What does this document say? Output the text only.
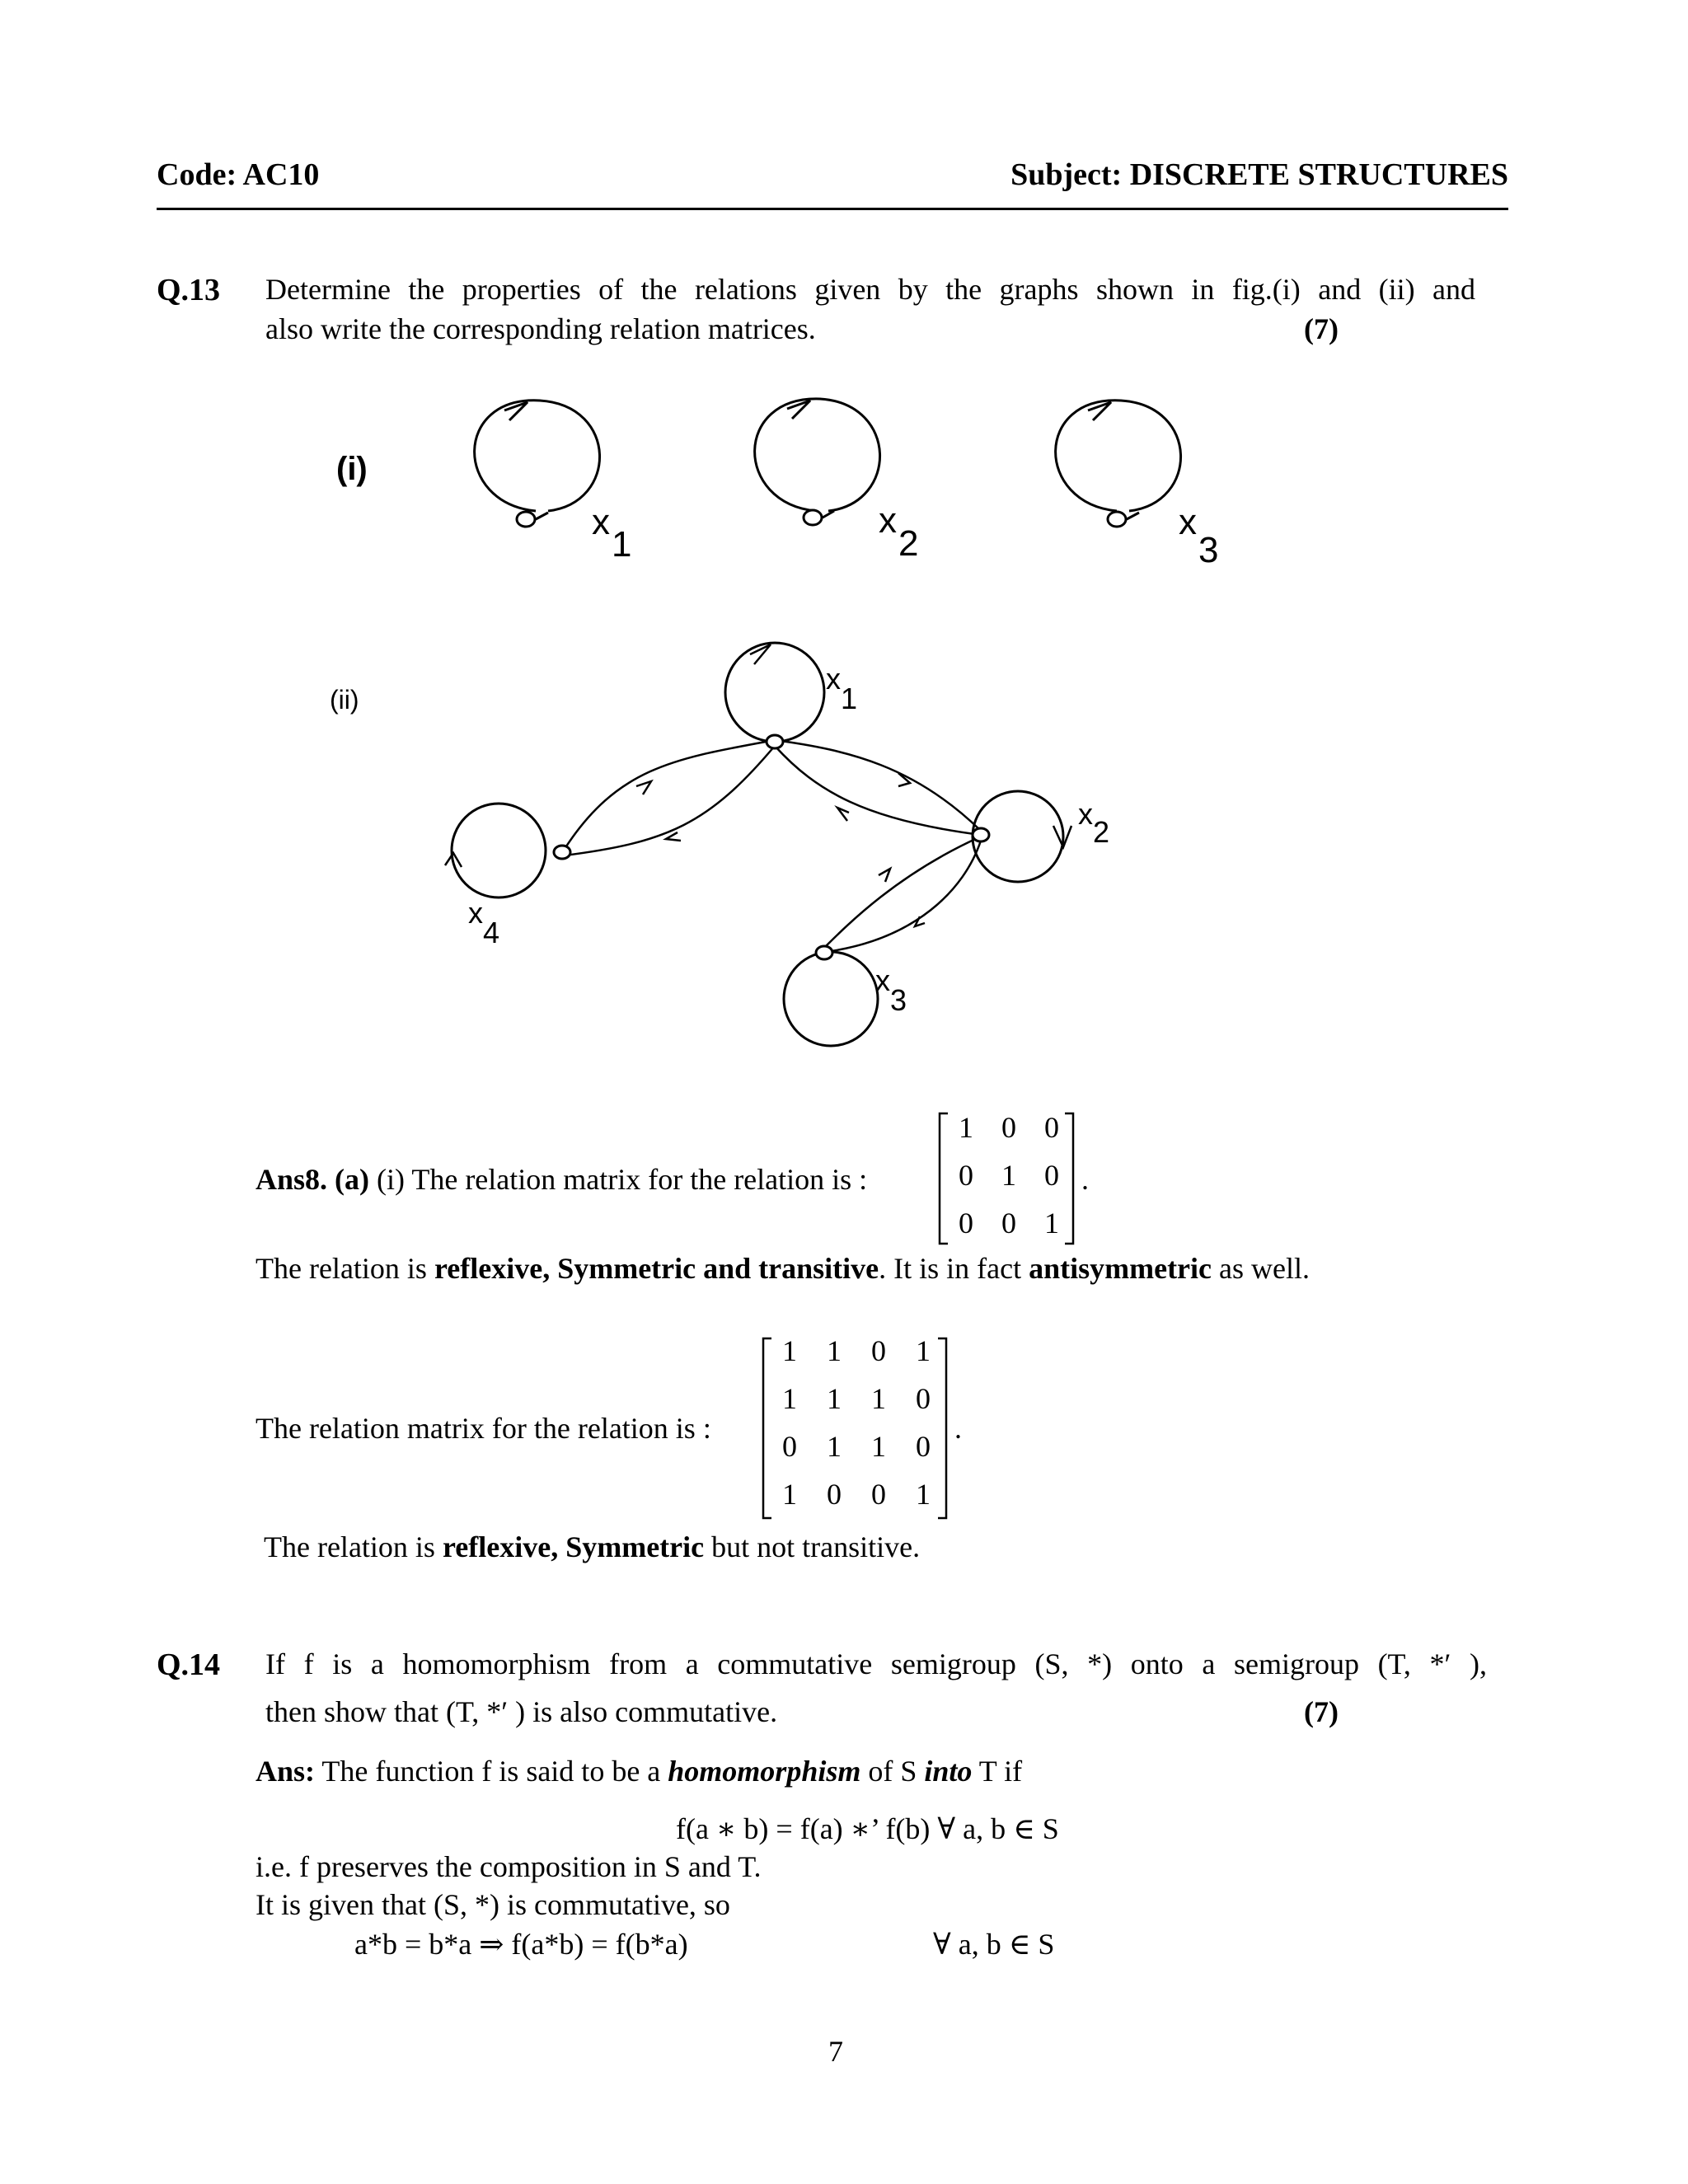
Code: AC10	Subject: DISCRETE STRUCTURES
Q.13 Determine the properties of the relations given by the graphs shown in fig.(i) and (ii) and
also write the corresponding relation matrices.	(7)
(i)
x
1
x
2
x
3
(ii)
x
1
x
2
x
3
x
4
Ans8. (a) (i) The relation matrix for the relation is :
1 0 0
0 1 0
0 0 1
.
The relation is reflexive, Symmetric and transitive. It is in fact antisymmetric as well.
The relation matrix for the relation is :
1	1	0	1
1	1	1	0
0	1	1	0
1	0	0	1
.
The relation is reflexive, Symmetric but not transitive.
Q.14 If f is a homomorphism from a commutative semigroup (S, *) onto a semigroup (T, *′ ),
then show that (T, *′ ) is also commutative.	(7)
Ans: The function f is said to be a homomorphism of S into T if
f(a ∗ b) = f(a) ∗’ f(b) ∀ a, b ∈ S
i.e. f preserves the composition in S and T.
It is given that (S, *) is commutative, so
a*b = b*a ⇒ f(a*b) = f(b*a)	∀ a, b ∈ S
7
